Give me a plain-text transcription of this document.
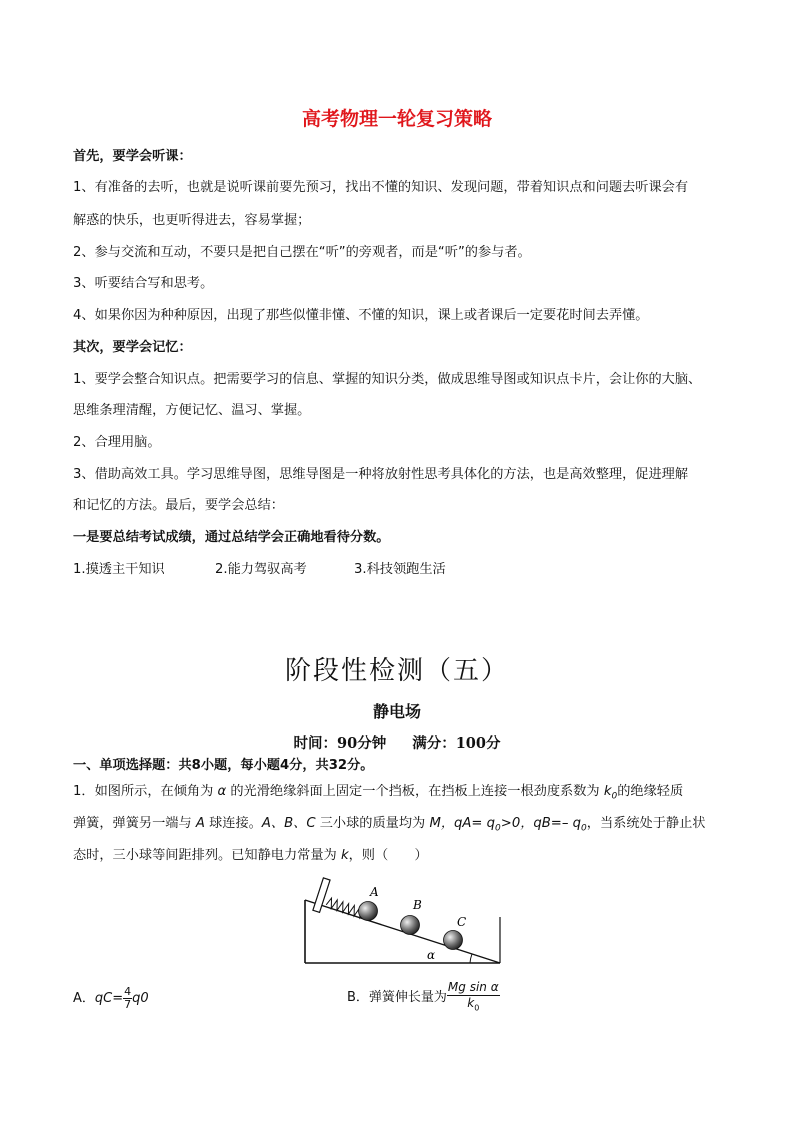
高考物理一轮复习策略
首先，要学会听课：
1、有准备的去听，也就是说听课前要先预习，找出不懂的知识、发现问题，带着知识点和问题去听课会有
解惑的快乐，也更听得进去，容易掌握；
2、参与交流和互动，不要只是把自己摆在“听”的旁观者，而是“听”的参与者。
3、听要结合写和思考。
4、如果你因为种种原因，出现了那些似懂非懂、不懂的知识，课上或者课后一定要花时间去弄懂。
其次，要学会记忆：
1、要学会整合知识点。把需要学习的信息、掌握的知识分类，做成思维导图或知识点卡片，会让你的大脑、
思维条理清醒，方便记忆、温习、掌握。
2、合理用脑。
3、借助高效工具。学习思维导图，思维导图是一种将放射性思考具体化的方法，也是高效整理，促进理解
和记忆的方法。最后，要学会总结：
一是要总结考试成绩，通过总结学会正确地看待分数。
1.摸透主干知识	2.能力驾驭高考	3.科技领跑生活
阶段性检测（五）
静电场
时间：90分钟 满分：100分
一、单项选择题：共8小题，每小题4分，共32分。
1．如图所示，在倾角为 α 的光滑绝缘斜面上固定一个挡板，在挡板上连接一根劲度系数为 $k_0$的绝缘轻质
弹簧，弹簧另一端与 A 球连接。A、B、C 三小球的质量均为 M，$qA= q_0>0$，qB=– $q_0$，当系统处于静止状
态时，三小球等间距排列。已知静电力常量为 k，则（　　）
A
B
C
α
A．$qC= \frac{4}{7} q0$	B．弹簧伸长量为 $\frac{\text{Mg sin α}}{k_0}$
